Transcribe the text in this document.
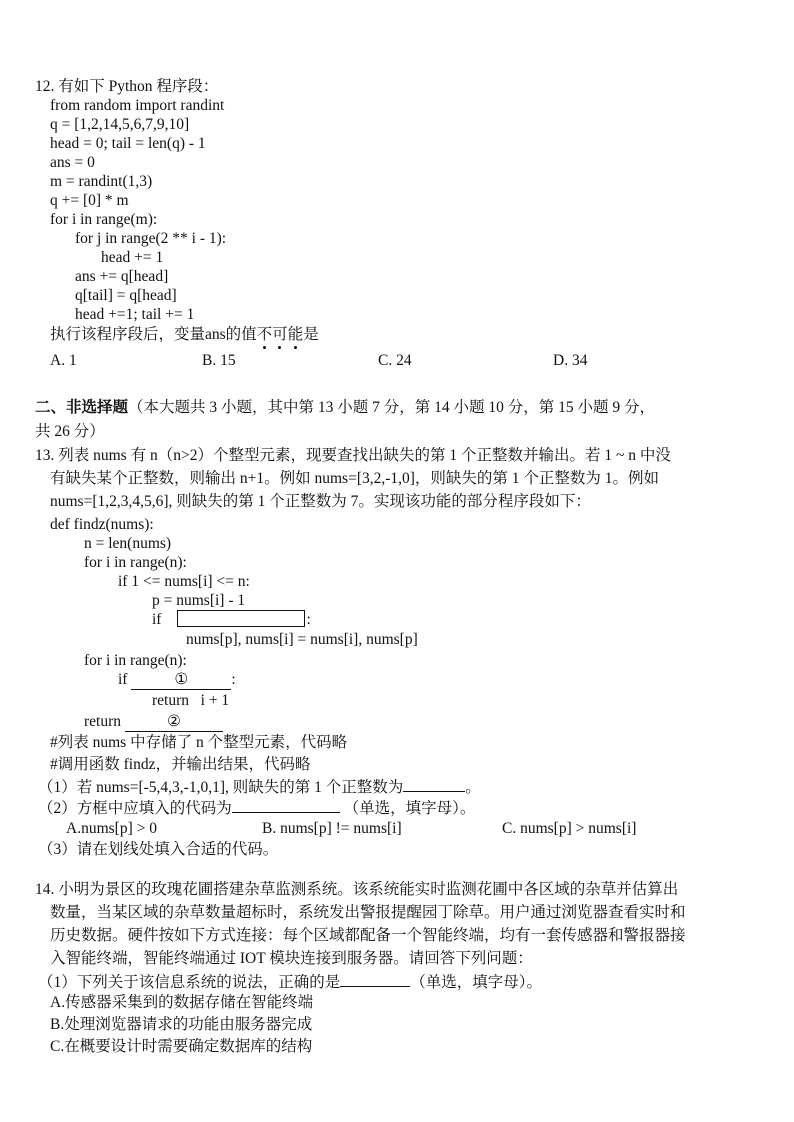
12. 有如下 Python 程序段：
from random import randint
q = [1,2,14,5,6,7,9,10]
head = 0; tail = len(q) - 1
ans = 0
m = randint(1,3)
q += [0] * m
for i in range(m):
for j in range(2 ** i - 1):
head += 1
ans += q[head]
q[tail] = q[head]
head +=1; tail += 1
执行该程序段后，变量ans的值不
可
能
是
A. 1	B. 15	C. 24	D. 34
二、非选择题（本大题共 3 小题，其中第 13 小题 7 分，第 14 小题 10 分，第 15 小题 9 分，
共 26 分）
13. 列表 nums 有 n（n>2）个整型元素，现要查找出缺失的第 1 个正整数并输出。若 1 ~ n 中没
有缺失某个正整数，则输出 n+1。例如 nums=[3,2,-1,0]，则缺失的第 1 个正整数为 1。例如
nums=[1,2,3,4,5,6], 则缺失的第 1 个正整数为 7。实现该功能的部分程序段如下：
def findz(nums):
n = len(nums)
for i in range(n):
if 1 <= nums[i] <= n:
p = nums[i] - 1
if	:
nums[p], nums[i] = nums[i], nums[p]
for i in range(n):
if	①	:
return   i + 1
return	②
#列表 nums 中存储了 n 个整型元素，代码略
#调用函数 findz，并输出结果，代码略
（1）若 nums=[-5,4,3,-1,0,1], 则缺失的第 1 个正整数为	。
（2）方框中应填入的代码为	（单选，填字母）。
A.nums[p] > 0	B. nums[p] != nums[i]	C. nums[p] > nums[i]
（3）请在划线处填入合适的代码。
14. 小明为景区的玫瑰花圃搭建杂草监测系统。该系统能实时监测花圃中各区域的杂草并估算出
数量，当某区域的杂草数量超标时，系统发出警报提醒园丁除草。用户通过浏览器查看实时和
历史数据。硬件按如下方式连接：每个区域都配备一个智能终端，均有一套传感器和警报器接
入智能终端，智能终端通过 IOT 模块连接到服务器。请回答下列问题：
（1）下列关于该信息系统的说法，正确的是	（单选，填字母）。
A.传感器采集到的数据存储在智能终端
B.处理浏览器请求的功能由服务器完成
C.在概要设计时需要确定数据库的结构
